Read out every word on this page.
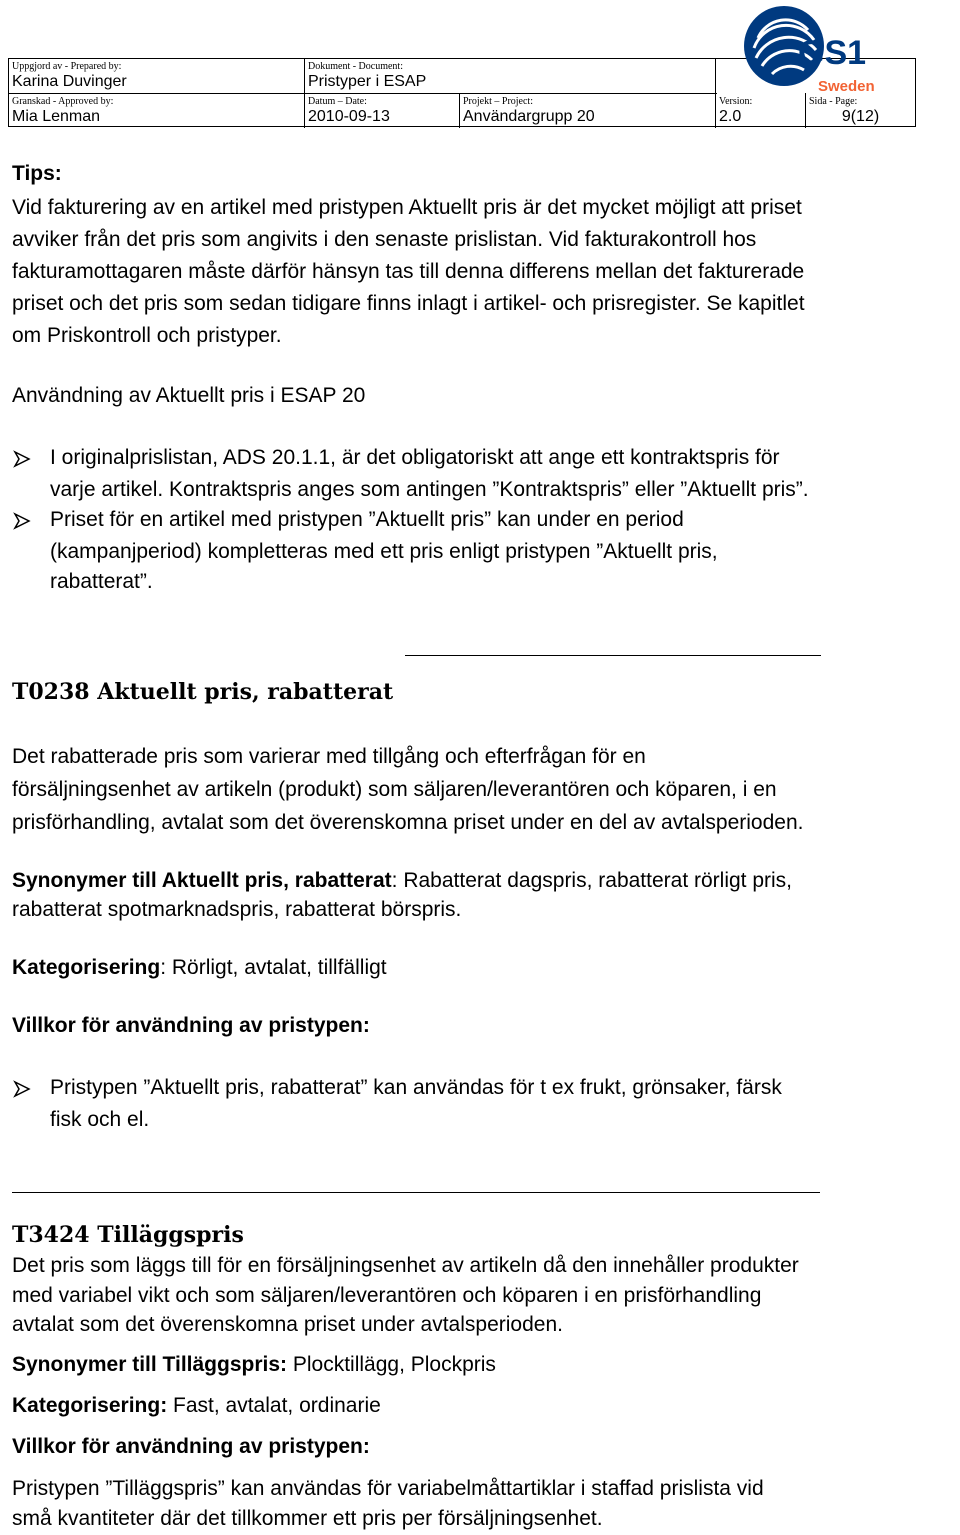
Uppgjord av - Prepared by:
Karina Duvinger
Dokument - Document:
Pristyper i ESAP
Granskad - Approved by:
Mia Lenman
Datum – Date:
2010-09-13
Projekt – Project:
Användargrupp 20
Version:
2.0
Sida - Page:
9(12)
GS1
Sweden
Tips:
Vid fakturering av en artikel med pristypen Aktuellt pris är det mycket möjligt att priset
avviker från det pris som angivits i den senaste prislistan. Vid fakturakontroll hos
fakturamottagaren måste därför hänsyn tas till denna differens mellan det fakturerade
priset och det pris som sedan tidigare finns inlagt i artikel- och prisregister. Se kapitlet
om Priskontroll och pristyper.
Användning av Aktuellt pris i ESAP 20
I originalprislistan, ADS 20.1.1, är det obligatoriskt att ange ett kontraktspris för
varje artikel. Kontraktspris anges som antingen ”Kontraktspris” eller ”Aktuellt pris”.
Priset för en artikel med pristypen ”Aktuellt pris” kan under en period
(kampanjperiod) kompletteras med ett pris enligt pristypen ”Aktuellt pris,
rabatterat”.
T0238 Aktuellt pris, rabatterat
Det rabatterade pris som varierar med tillgång och efterfrågan för en
försäljningsenhet av artikeln (produkt) som säljaren/leverantören och köparen, i en
prisförhandling, avtalat som det överenskomna priset under en del av avtalsperioden.
Synonymer till Aktuellt pris, rabatterat: Rabatterat dagspris, rabatterat rörligt pris,
rabatterat spotmarknadspris, rabatterat börspris.
Kategorisering: Rörligt, avtalat, tillfälligt
Villkor för användning av pristypen:
Pristypen ”Aktuellt pris, rabatterat” kan användas för t ex frukt, grönsaker, färsk
fisk och el.
T3424 Tilläggspris
Det pris som läggs till för en försäljningsenhet av artikeln då den innehåller produkter
med variabel vikt och som säljaren/leverantören och köparen i en prisförhandling
avtalat som det överenskomna priset under avtalsperioden.
Synonymer till Tilläggspris: Plocktillägg, Plockpris
Kategorisering: Fast, avtalat, ordinarie
Villkor för användning av pristypen:
Pristypen ”Tilläggspris” kan användas för variabelmåttartiklar i staffad prislista vid
små kvantiteter där det tillkommer ett pris per försäljningsenhet.
